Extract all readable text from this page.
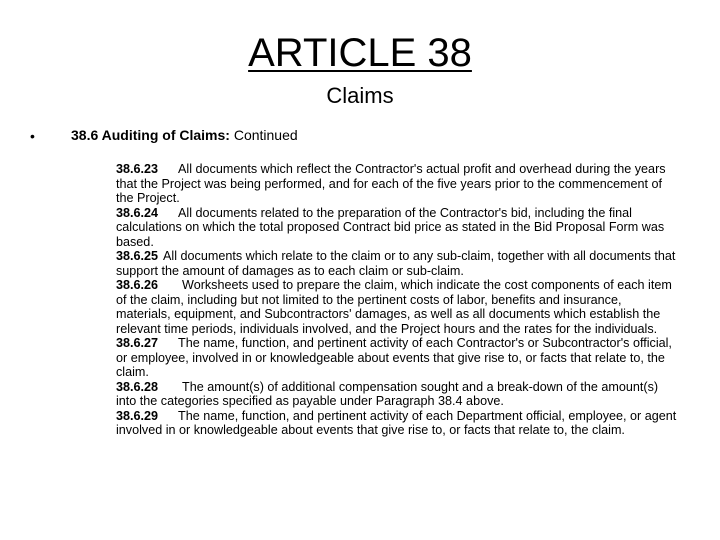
ARTICLE 38
Claims
•	38.6 Auditing of Claims: Continued

38.6.23 All documents which reflect the Contractor's actual profit and overhead during the years that the Project was being performed, and for each of the five years prior to the commencement of the Project.

38.6.24 All documents related to the preparation of the Contractor's bid, including the final calculations on which the total proposed Contract bid price as stated in the Bid Proposal Form was based.

38.6.25 All documents which relate to the claim or to any sub-claim, together with all documents that support the amount of damages as to each claim or sub-claim.

38.6.26 Worksheets used to prepare the claim, which indicate the cost components of each item of the claim, including but not limited to the pertinent costs of labor, benefits and insurance, materials, equipment, and Subcontractors' damages, as well as all documents which establish the relevant time periods, individuals involved, and the Project hours and the rates for the individuals.

38.6.27 The name, function, and pertinent activity of each Contractor's or Subcontractor's official, or employee, involved in or knowledgeable about events that give rise to, or facts that relate to, the claim.

38.6.28 The amount(s) of additional compensation sought and a break-down of the amount(s) into the categories specified as payable under Paragraph 38.4 above.

38.6.29 The name, function, and pertinent activity of each Department official, employee, or agent involved in or knowledgeable about events that give rise to, or facts that relate to, the claim.
